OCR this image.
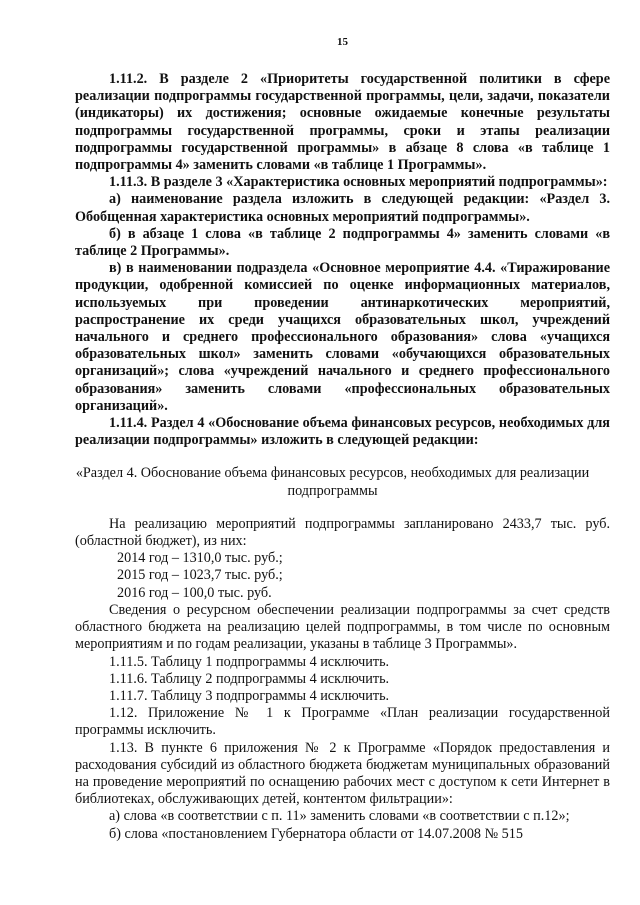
15

1.11.2. В разделе 2 «Приоритеты государственной политики в сфере реализации подпрограммы государственной программы, цели, задачи, показатели (индикаторы) их достижения; основные ожидаемые конечные результаты подпрограммы государственной программы, сроки и этапы реализации подпрограммы государственной программы» в абзаце 8 слова «в таблице 1 подпрограммы 4» заменить словами «в таблице 1 Программы».

1.11.3. В разделе 3 «Характеристика основных мероприятий подпрограммы»:

а) наименование раздела изложить в следующей редакции: «Раздел 3. Обобщенная характеристика основных мероприятий подпрограммы».

б) в абзаце 1 слова «в таблице 2 подпрограммы 4» заменить словами «в таблице 2 Программы».

в) в наименовании подраздела «Основное мероприятие 4.4. «Тиражирование продукции, одобренной комиссией по оценке информационных материалов, используемых при проведении антинаркотических мероприятий, распространение их среди учащихся образовательных школ, учреждений начального и среднего профессионального образования» слова «учащихся образовательных школ» заменить словами «обучающихся образовательных организаций»; слова «учреждений начального и среднего профессионального образования» заменить словами «профессиональных образовательных организаций».

1.11.4. Раздел 4 «Обоснование объема финансовых ресурсов, необходимых для реализации подпрограммы» изложить в следующей редакции:

«Раздел 4. Обоснование объема финансовых ресурсов, необходимых для реализации подпрограммы

На реализацию мероприятий подпрограммы запланировано 2433,7 тыс. руб. (областной бюджет), из них:

2014 год – 1310,0 тыс. руб.;

2015 год – 1023,7 тыс. руб.;

2016 год – 100,0 тыс. руб.

Сведения о ресурсном обеспечении реализации подпрограммы за счет средств областного бюджета на реализацию целей подпрограммы, в том числе по основным мероприятиям и по годам реализации, указаны в таблице 3 Программы».

1.11.5. Таблицу 1 подпрограммы 4 исключить.

1.11.6. Таблицу 2 подпрограммы 4 исключить.

1.11.7. Таблицу 3 подпрограммы 4 исключить.

1.12. Приложение № 1 к Программе «План реализации государственной программы исключить.

1.13. В пункте 6 приложения № 2 к Программе «Порядок предоставления и расходования субсидий из областного бюджета бюджетам муниципальных образований на проведение мероприятий по оснащению рабочих мест с доступом к сети Интернет в библиотеках, обслуживающих детей, контентом фильтрации»:

а) слова «в соответствии с п. 11» заменить словами «в соответствии с п.12»;

б) слова «постановлением Губернатора области от 14.07.2008 № 515
